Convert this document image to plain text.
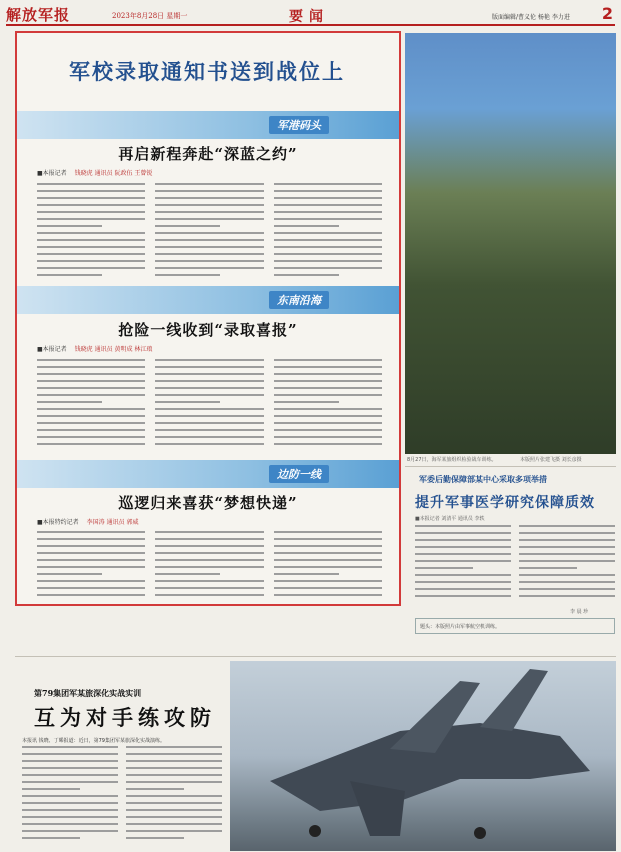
解放军报	2023年8月28日 星期一	要闻	版面编辑/曹义伦 杨艳 李力进 2
军校录取通知书送到战位上
军港码头
再启新程奔赴“深蓝之约”
■本报记者 钱晓虎 通讯员 阮政伍 王曾锐
东南沿海
抢险一线收到“录取喜报”
■本报记者 钱晓虎 通讯员 黄明成 林江琅
边防一线
巡逻归来喜获“梦想快递”
■本报特约记者 李国涛 通讯员 郭威
8月27日，海军某旅组织检验战车训练。	本版照片张建飞摄 刘长彦摄
军委后勤保障部某中心采取多项举措
提升军事医学研究保障质效
■本报记者 刘清平 通讯员 李轶
李 晨 珍
题头：本版照片由军事航空机训练。
第79集团军某旅深化实战实训
互为对手练攻防
本报讯 钱晓、丁晞报道：近日，第79集团军某旅深化实战演练。
